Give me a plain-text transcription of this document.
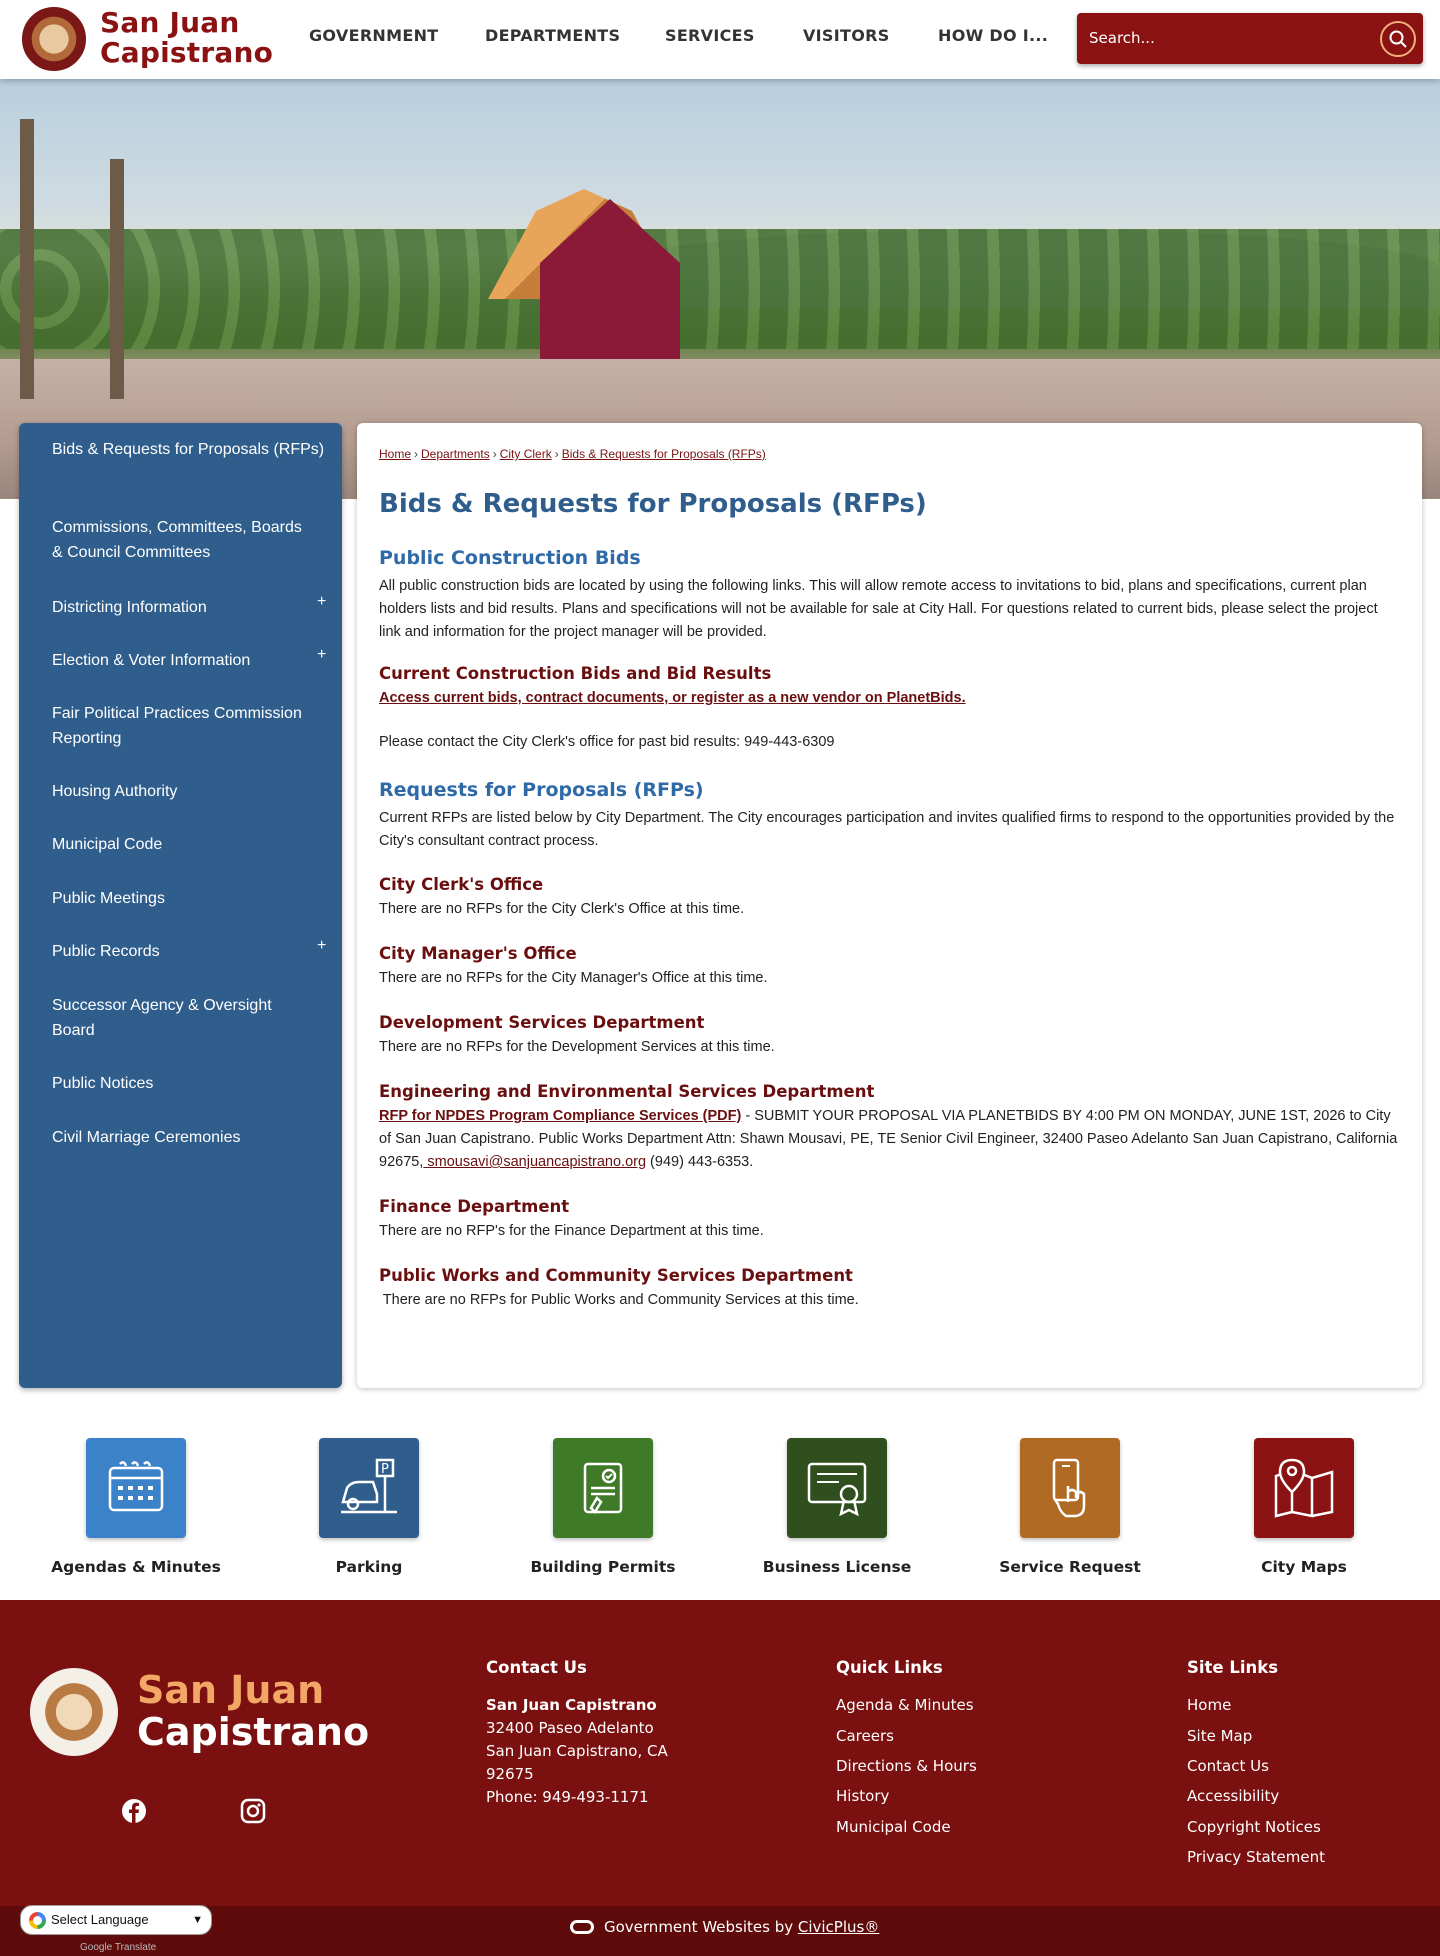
San Juan
Capistrano
GOVERNMENT	DEPARTMENTS	SERVICES	VISITORS	HOW DO I...
Search...
Bids & Requests for Proposals (RFPs)
Commissions, Committees, Boards & Council Committees
Districting Information	+
Election & Voter Information	+
Fair Political Practices Commission Reporting
Housing Authority
Municipal Code
Public Meetings
Public Records	+
Successor Agency & Oversight Board
Public Notices
Civil Marriage Ceremonies
Home › Departments › City Clerk › Bids & Requests for Proposals (RFPs)
Bids & Requests for Proposals (RFPs)
Public Construction Bids

All public construction bids are located by using the following links. This will allow remote access to invitations to bid, plans and specifications, current plan holders lists and bid results. Plans and specifications will not be available for sale at City Hall. For questions related to current bids, please select the project link and information for the project manager will be provided.

Current Construction Bids and Bid Results
Access current bids, contract documents, or register as a new vendor on PlanetBids.

Please contact the City Clerk's office for past bid results: 949-443-6309

Requests for Proposals (RFPs)

Current RFPs are listed below by City Department. The City encourages participation and invites qualified firms to respond to the opportunities provided by the City's consultant contract process.

City Clerk's Office

There are no RFPs for the City Clerk's Office at this time.

City Manager's Office

There are no RFPs for the City Manager's Office at this time.

Development Services Department

There are no RFPs for the Development Services at this time.

Engineering and Environmental Services Department

RFP for NPDES Program Compliance Services (PDF) - SUBMIT YOUR PROPOSAL VIA PLANETBIDS BY 4:00 PM ON MONDAY, JUNE 1ST, 2026 to City of San Juan Capistrano. Public Works Department Attn: Shawn Mousavi, PE, TE Senior Civil Engineer, 32400 Paseo Adelanto San Juan Capistrano, California 92675, smousavi@sanjuancapistrano.org (949) 443-6353.

Finance Department

There are no RFP's for the Finance Department at this time.

Public Works and Community Services Department

There are no RFPs for Public Works and Community Services at this time.

Agendas & Minutes
P
Parking	Building Permits	Business License	Service Request	City Maps
San Juan
Capistrano
Contact Us
San Juan Capistrano
32400 Paseo Adelanto
San Juan Capistrano, CA
92675
Phone: 949-493-1171
Quick Links
Agenda & Minutes
Careers
Directions & Hours
History
Municipal Code
Site Links
Home
Site Map
Contact Us
Accessibility
Copyright Notices
Privacy Statement
Select Language	▼
Google Translate
Government Websites by CivicPlus®
